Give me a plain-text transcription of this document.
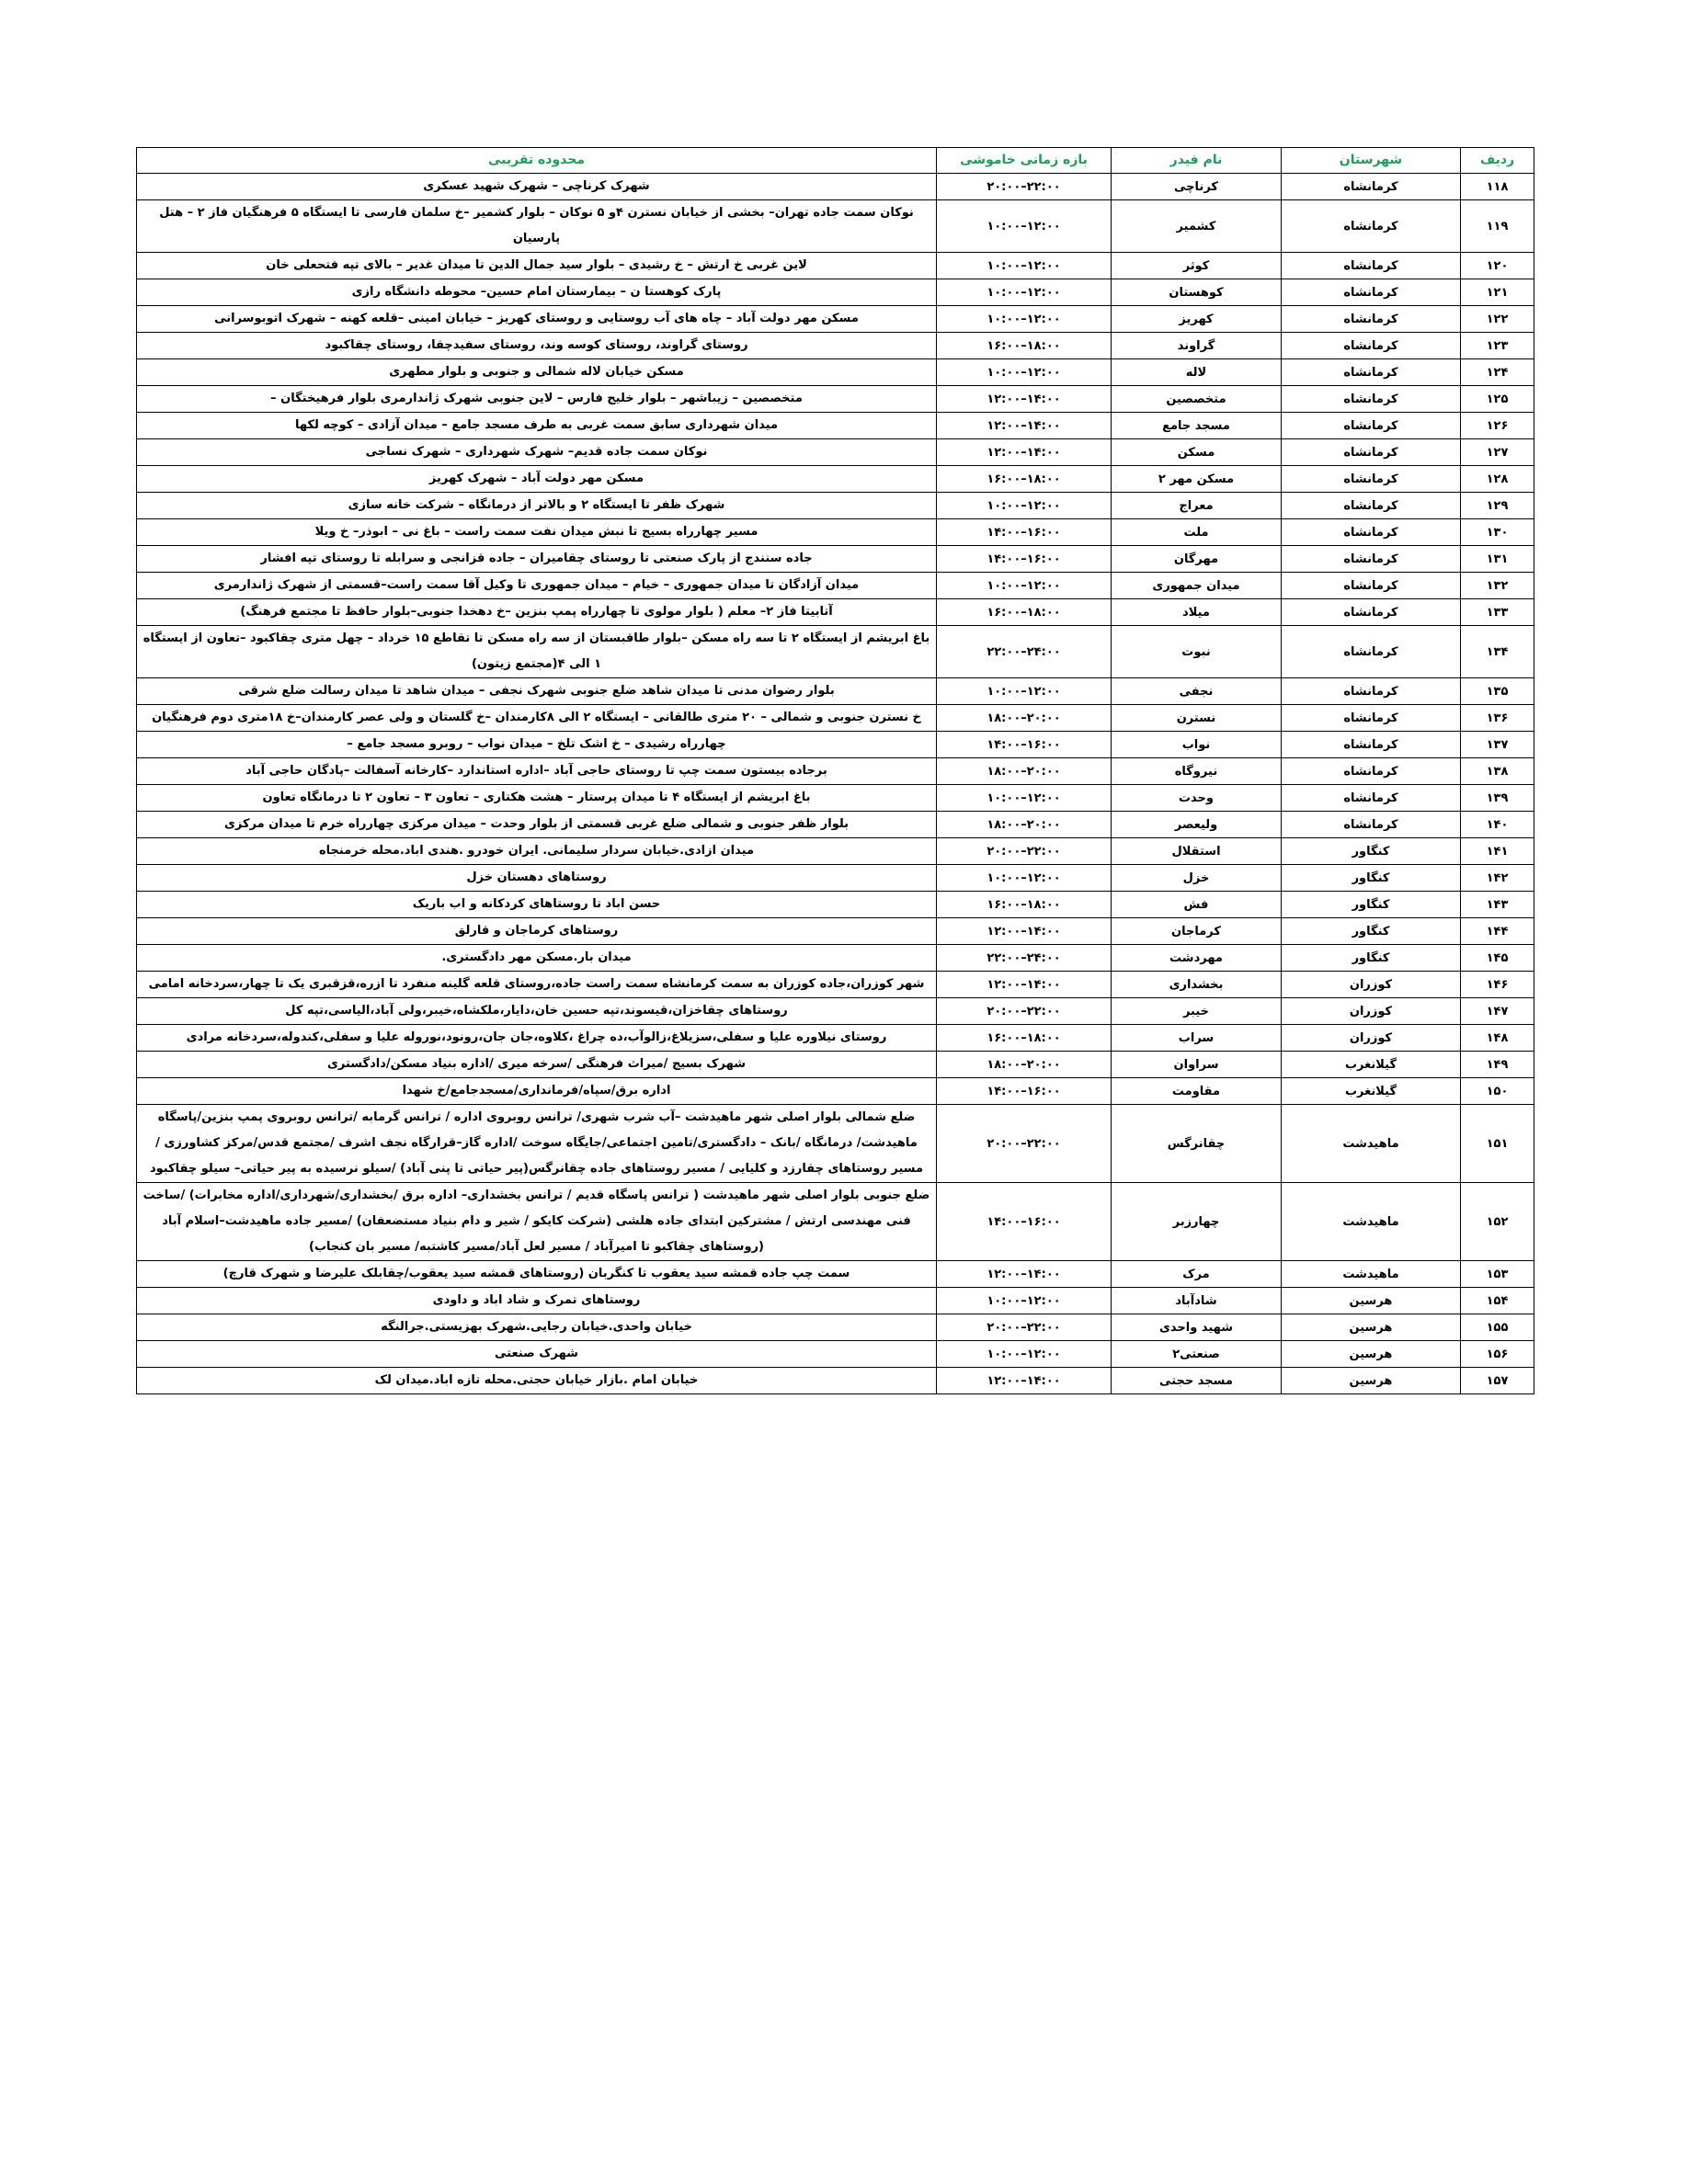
ردیف	شهرستان	نام فیدر	بازه زمانی خاموشی	محدوده تقریبی
۱۱۸	کرمانشاه	کرناچی	۲۲:۰۰–۲۰:۰۰	شهرک کرناچی – شهرک شهید عسکری
۱۱۹	کرمانشاه	کشمیر	۱۲:۰۰–۱۰:۰۰	نوکان سمت جاده تهران– بخشی از خیابان نسترن ۴و ۵ نوکان – بلوار کشمیر –خ سلمان فارسی تا ایستگاه ۵ فرهنگیان فاز ۲ – هتل پارسیان
۱۲۰	کرمانشاه	کوثر	۱۲:۰۰–۱۰:۰۰	لاین غربی خ ارتش – خ رشیدی – بلوار سید جمال الدین تا میدان غدیر – بالای تپه فتحعلی خان
۱۲۱	کرمانشاه	کوهستان	۱۲:۰۰–۱۰:۰۰	پارک کوهستا ن – بیمارستان امام حسین– محوطه دانشگاه رازی
۱۲۲	کرمانشاه	کهریز	۱۲:۰۰–۱۰:۰۰	مسکن مهر دولت آباد – چاه های آب روستایی و روستای کهریز – خیابان امینی –قلعه کهنه – شهرک اتوبوسرانی
۱۲۳	کرمانشاه	گراوند	۱۸:۰۰–۱۶:۰۰	روستای گراوند، روستای کوسه وند، روستای سفیدچقا، روستای چقاکبود
۱۲۴	کرمانشاه	لاله	۱۲:۰۰–۱۰:۰۰	مسکن خیابان لاله شمالی و جنوبی و بلوار مطهری
۱۲۵	کرمانشاه	متخصصین	۱۴:۰۰–۱۲:۰۰	متخصصین – زیباشهر – بلوار خلیج فارس – لاین جنوبی شهرک ژاندارمری بلوار فرهیختگان –
۱۲۶	کرمانشاه	مسجد جامع	۱۴:۰۰–۱۲:۰۰	میدان شهرداری سابق سمت غربی به طرف مسجد جامع – میدان آزادی – کوچه لکها
۱۲۷	کرمانشاه	مسکن	۱۴:۰۰–۱۲:۰۰	نوکان سمت جاده قدیم– شهرک شهرداری – شهرک نساجی
۱۲۸	کرمانشاه	مسکن مهر ۲	۱۸:۰۰–۱۶:۰۰	مسکن مهر دولت آباد – شهرک کهریز
۱۲۹	کرمانشاه	معراج	۱۲:۰۰–۱۰:۰۰	شهرک ظفر تا ایستگاه ۲ و بالاتر از درمانگاه – شرکت خانه سازی
۱۳۰	کرمانشاه	ملت	۱۶:۰۰–۱۴:۰۰	مسیر چهارراه بسیج تا نبش میدان نفت سمت راست – باغ نی – ابوذر– خ ویلا
۱۳۱	کرمانشاه	مهرگان	۱۶:۰۰–۱۴:۰۰	جاده سنندج از پارک صنعتی تا روستای چقامیران – جاده قزانجی و سرابله تا روستای تپه افشار
۱۳۲	کرمانشاه	میدان جمهوری	۱۲:۰۰–۱۰:۰۰	میدان آزادگان تا میدان جمهوری – خیام – میدان جمهوری تا وکیل آقا سمت راست–قسمتی از شهرک ژاندارمری
۱۳۳	کرمانشاه	میلاد	۱۸:۰۰–۱۶:۰۰	آتابیتا فاز ۲– معلم ( بلوار مولوی تا چهارراه پمپ بنزین –خ دهخدا جنوبی–بلوار حافظ تا مجتمع فرهنگ)
۱۳۴	کرمانشاه	نبوت	۲۴:۰۰–۲۲:۰۰	باغ ابریشم از ایستگاه ۲ تا سه راه مسکن –بلوار طاقبستان از سه راه مسکن تا تقاطع ۱۵ خرداد – چهل متری چقاکبود –تعاون از ایستگاه ۱ الی ۴(مجتمع زیتون)
۱۳۵	کرمانشاه	نجفی	۱۲:۰۰–۱۰:۰۰	بلوار رضوان مدنی تا میدان شاهد ضلع جنوبی شهرک نجفی – میدان شاهد تا میدان رسالت ضلع شرقی
۱۳۶	کرمانشاه	نسترن	۲۰:۰۰–۱۸:۰۰	خ نسترن جنوبی و شمالی – ۲۰ متری طالقانی – ایستگاه ۲ الی ۸کارمندان –خ گلستان و ولی عصر کارمندان–خ ۱۸متری دوم فرهنگیان
۱۳۷	کرمانشاه	نواب	۱۶:۰۰–۱۴:۰۰	چهارراه رشیدی – خ اشک تلخ – میدان نواب – روبرو مسجد جامع –
۱۳۸	کرمانشاه	نیروگاه	۲۰:۰۰–۱۸:۰۰	برجاده بیستون سمت چپ تا روستای حاجی آباد –اداره استاندارد –کارخانه آسفالت –پادگان حاجی آباد
۱۳۹	کرمانشاه	وحدت	۱۲:۰۰–۱۰:۰۰	باغ ابریشم از ایستگاه ۴ تا میدان پرستار – هشت هکتاری – تعاون ۳ – تعاون ۲ تا درمانگاه تعاون
۱۴۰	کرمانشاه	ولیعصر	۲۰:۰۰–۱۸:۰۰	بلوار ظفر جنوبی و شمالی ضلع غربی قسمتی از بلوار وحدت – میدان مرکزی چهارراه خرم تا میدان مرکزی
۱۴۱	کنگاور	استقلال	۲۲:۰۰–۲۰:۰۰	میدان ازادی.خیابان سردار سلیمانی. ایران خودرو .هندی اباد.محله خرمنجاه
۱۴۲	کنگاور	خزل	۱۲:۰۰–۱۰:۰۰	روستاهای دهستان خزل
۱۴۳	کنگاور	فش	۱۸:۰۰–۱۶:۰۰	حسن اباد تا روستاهای کردکانه و اب باریک
۱۴۴	کنگاور	کرماجان	۱۴:۰۰–۱۲:۰۰	روستاهای کرماجان و قارلق
۱۴۵	کنگاور	مهردشت	۲۴:۰۰–۲۲:۰۰	میدان بار.مسکن مهر دادگستری.
۱۴۶	کوزران	بخشداری	۱۴:۰۰–۱۲:۰۰	شهر کوزران،جاده کوزران به سمت کرمانشاه سمت راست جاده،روستای قلعه گلینه منفرد تا ازره،قزقبری یک تا چهار،سردخانه امامی
۱۴۷	کوزران	خیبر	۲۲:۰۰–۲۰:۰۰	روستاهای چقاخزان،قیسوند،تپه حسین خان،دایار،ملکشاه،خیبر،ولی آباد،الیاسی،تپه کل
۱۴۸	کوزران	سراب	۱۸:۰۰–۱۶:۰۰	روستای نیلاوره علیا و سفلی،سزیلاغ،زالوآب،ده چراغ ،کلاوه،جان جان،رونود،نوروله علیا و سفلی،کندوله،سردخانه مرادی
۱۴۹	گیلانغرب	سراوان	۲۰:۰۰–۱۸:۰۰	شهرک بسیج /میراث فرهنگی /سرخه میری /اداره بنیاد مسکن/دادگستری
۱۵۰	گیلانغرب	مقاومت	۱۶:۰۰–۱۴:۰۰	اداره برق/سپاه/فرمانداری/مسجدجامع/خ شهدا
۱۵۱	ماهیدشت	چقانرگس	۲۲:۰۰–۲۰:۰۰	ضلع شمالی بلوار اصلی شهر ماهیدشت –آب شرب شهری/ ترانس روبروی اداره / ترانس گرمابه /ترانس روبروی پمپ بنزین/پاسگاه ماهیدشت/ درمانگاه /بانک – دادگستری/تامین اجتماعی/جایگاه سوخت /اداره گاز–قرارگاه نجف اشرف /مجتمع قدس/مرکز کشاورزی /مسیر روستاهای چقارزد و کلیایی / مسیر روستاهای جاده چقانرگس(پیر حیاتی تا پنی آباد) /سیلو نرسیده به پیر حیاتی– سیلو چقاکبود
۱۵۲	ماهیدشت	چهارزبر	۱۶:۰۰–۱۴:۰۰	ضلع جنوبی بلوار اصلی شهر ماهیدشت ( ترانس پاسگاه قدیم / ترانس بخشداری– اداره برق /بخشداری/شهرداری/اداره مخابرات) /ساخت فنی مهندسی ارتش / مشترکین ابتدای جاده هلشی (شرکت کایکو / شیر و دام بنیاد مستضعفان) /مسیر جاده ماهیدشت–اسلام آباد (روستاهای چقاکبو تا امیرآباد / مسیر لعل آباد/مسیر کاشتبه/ مسیر بان کنجاب)
۱۵۳	ماهیدشت	مرک	۱۴:۰۰–۱۲:۰۰	سمت چپ جاده قمشه سید یعقوب تا کنگربان (روستاهای قمشه سید یعقوب/چقابلک علیرضا و شهرک قارچ)
۱۵۴	هرسین	شادآباد	۱۲:۰۰–۱۰:۰۰	روستاهای تمرک و شاد اباد و داودی
۱۵۵	هرسین	شهید واحدی	۲۲:۰۰–۲۰:۰۰	خیابان واحدی.خیابان رجایی.شهرک بهزیستی.جرالنگه
۱۵۶	هرسین	صنعتی۲	۱۲:۰۰–۱۰:۰۰	شهرک صنعتی
۱۵۷	هرسین	مسجد حجتی	۱۴:۰۰–۱۲:۰۰	خیابان امام .بازار خیابان حجتی.محله تازه اباد.میدان لک
